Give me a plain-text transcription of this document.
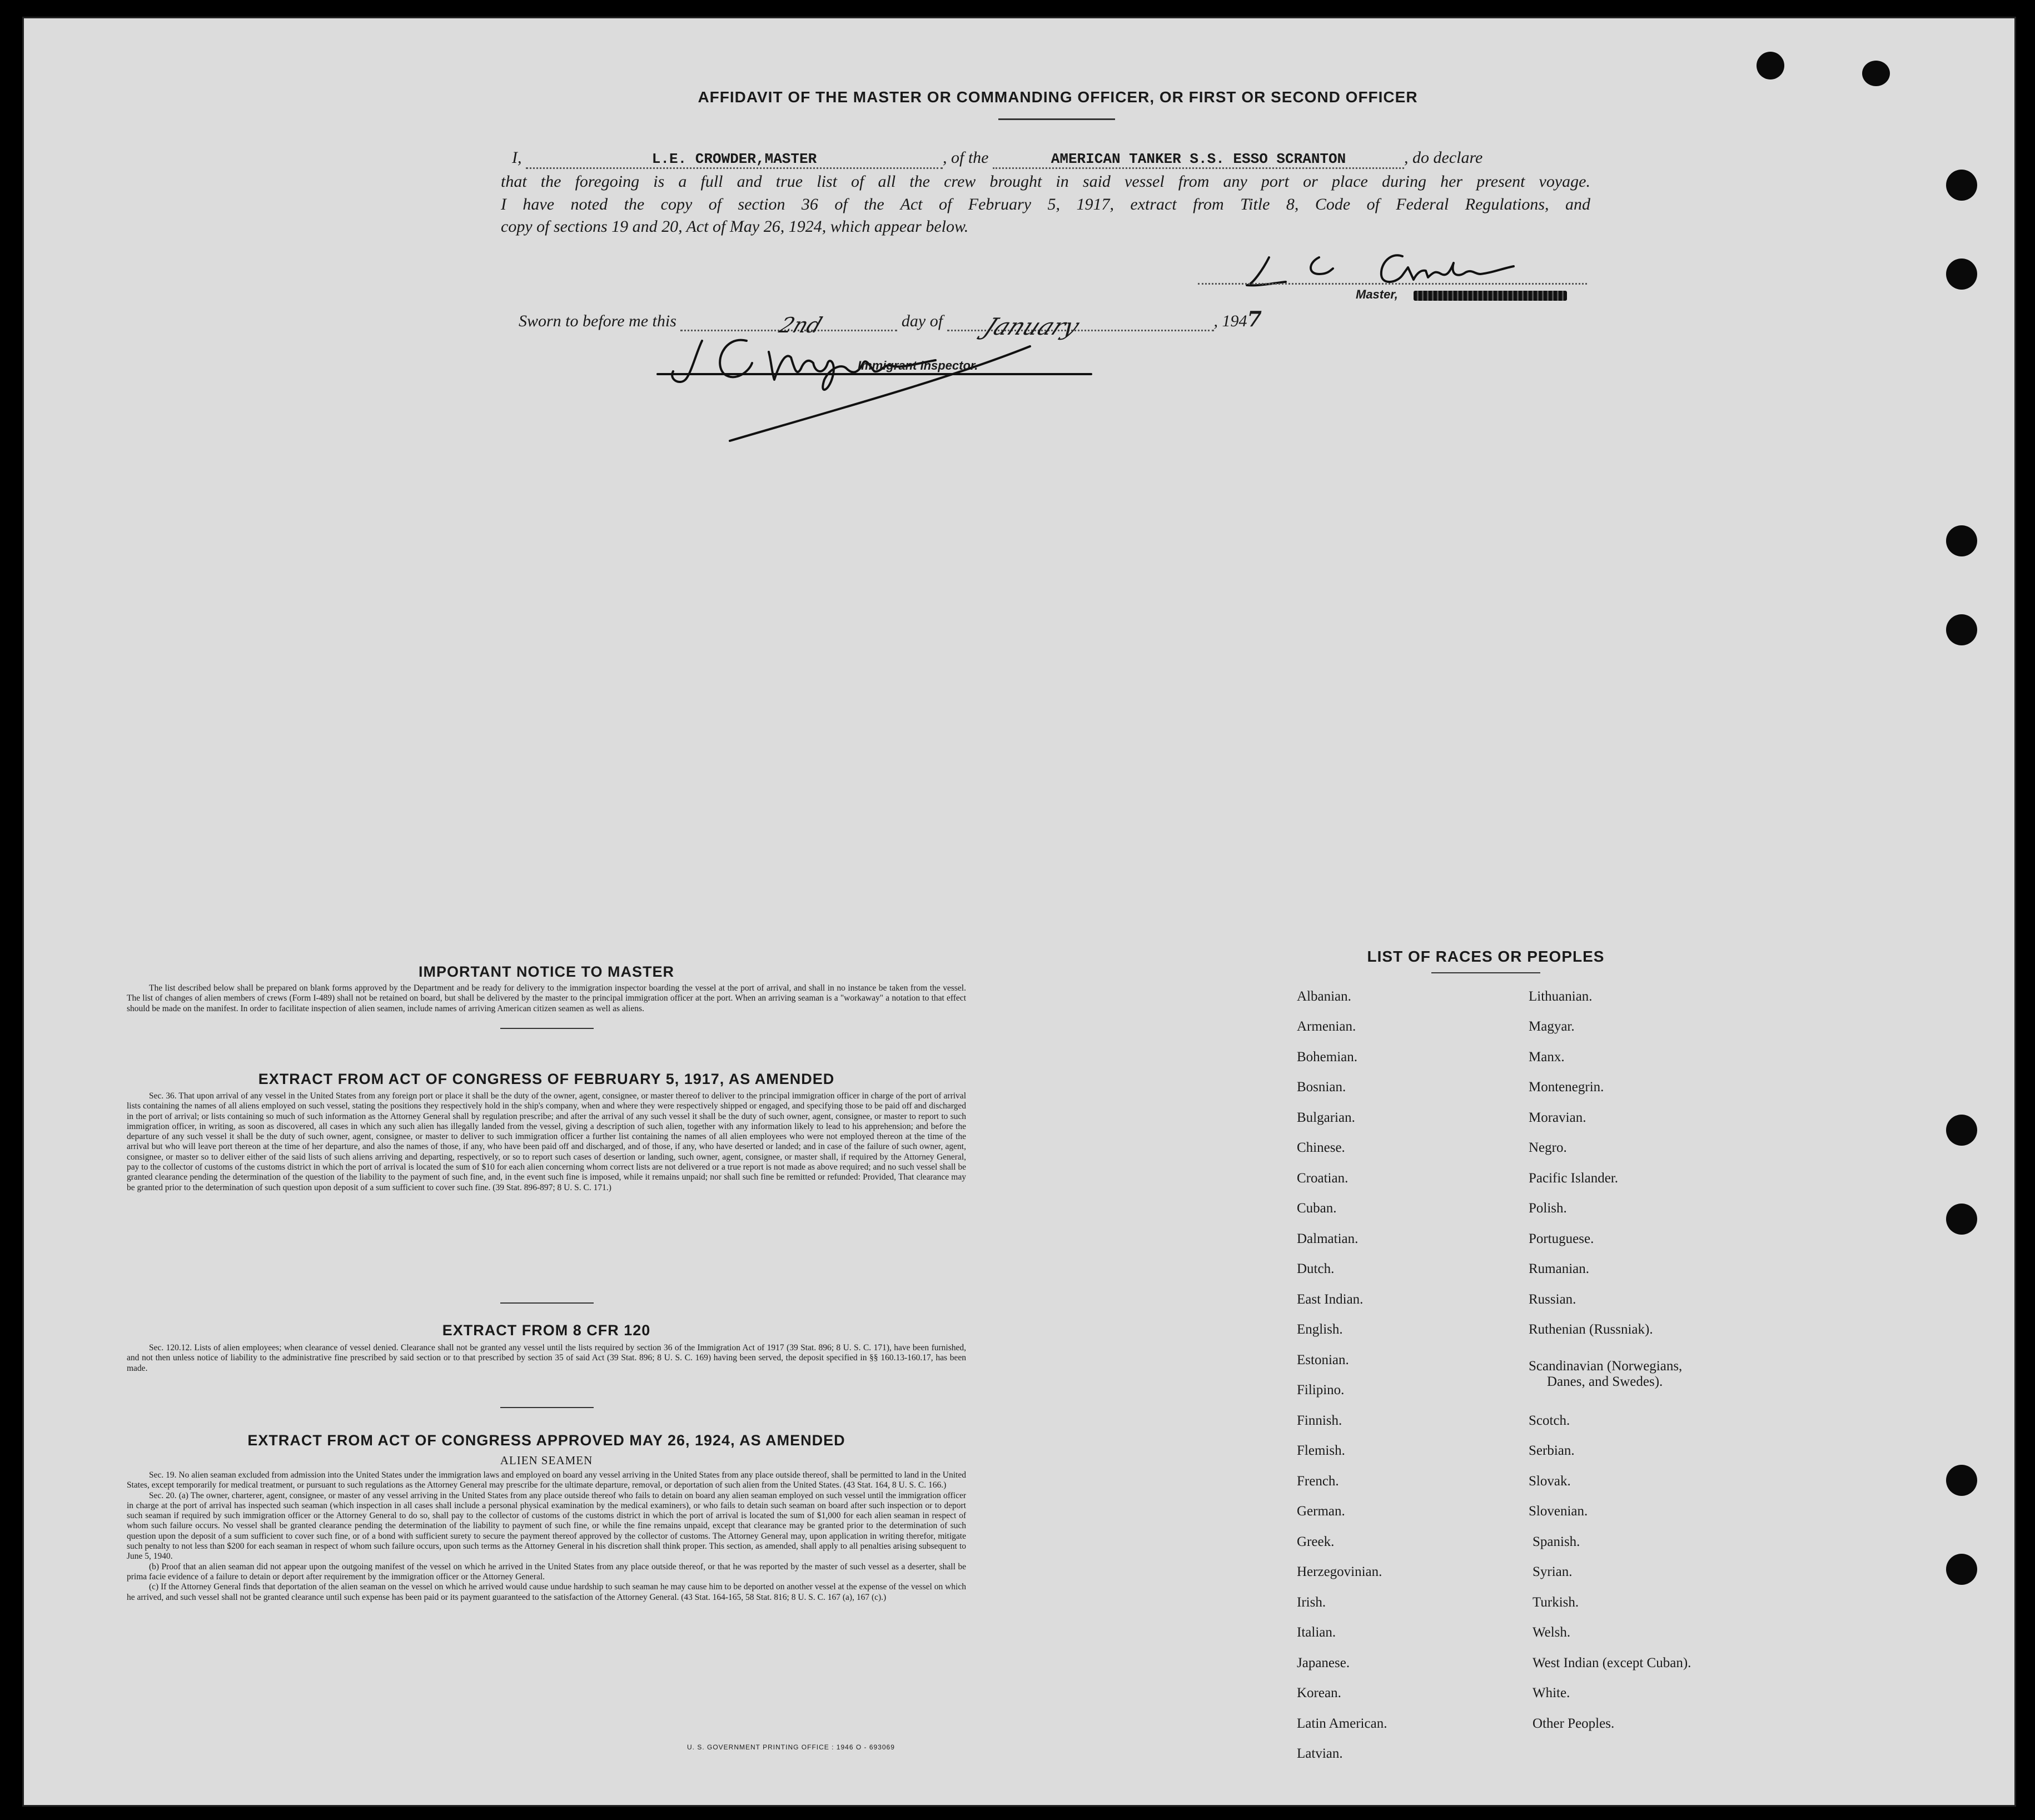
AFFIDAVIT OF THE MASTER OR COMMANDING OFFICER, OR FIRST OR SECOND OFFICER
I,	L.E. CROWDER,MASTER	, of the	AMERICAN TANKER S.S. ESSO SCRANTON	, do declare
that the foregoing is a full and true list of all the crew brought in said vessel from any port or place during her present voyage.
I have noted the copy of section 36 of the Act of February 5, 1917, extract from Title 8, Code of Federal Regulations, and
copy of sections 19 and 20, Act of May 26, 1924, which appear below.
Master,
Sworn to before me this	2nd	day of January	, 1947
Immigrant Inspector.
IMPORTANT NOTICE TO MASTER

The list described below shall be prepared on blank forms approved by the Department and be ready for delivery to the immigration inspector boarding the vessel at the port of arrival, and shall in no instance be taken from the vessel. The list of changes of alien members of crews (Form I-489) shall not be retained on board, but shall be delivered by the master to the principal immigration officer at the port. When an arriving seaman is a "workaway" a notation to that effect should be made on the manifest. In order to facilitate inspection of alien seamen, include names of arriving American citizen seamen as well as aliens.

EXTRACT FROM ACT OF CONGRESS OF FEBRUARY 5, 1917, AS AMENDED

Sec. 36. That upon arrival of any vessel in the United States from any foreign port or place it shall be the duty of the owner, agent, consignee, or master thereof to deliver to the principal immigration officer in charge of the port of arrival lists containing the names of all aliens employed on such vessel, stating the positions they respectively hold in the ship's company, when and where they were respectively shipped or engaged, and specifying those to be paid off and discharged in the port of arrival; or lists containing so much of such information as the Attorney General shall by regulation prescribe; and after the arrival of any such vessel it shall be the duty of such owner, agent, consignee, or master to report to such immigration officer, in writing, as soon as discovered, all cases in which any such alien has illegally landed from the vessel, giving a description of such alien, together with any information likely to lead to his apprehension; and before the departure of any such vessel it shall be the duty of such owner, agent, consignee, or master to deliver to such immigration officer a further list containing the names of all alien employees who were not employed thereon at the time of the arrival but who will leave port thereon at the time of her departure, and also the names of those, if any, who have been paid off and discharged, and of those, if any, who have deserted or landed; and in case of the failure of such owner, agent, consignee, or master so to deliver either of the said lists of such aliens arriving and departing, respectively, or so to report such cases of desertion or landing, such owner, agent, consignee, or master shall, if required by the Attorney General, pay to the collector of customs of the customs district in which the port of arrival is located the sum of $10 for each alien concerning whom correct lists are not delivered or a true report is not made as above required; and no such vessel shall be granted clearance pending the determination of the question of the liability to the payment of such fine, and, in the event such fine is imposed, while it remains unpaid; nor shall such fine be remitted or refunded: Provided, That clearance may be granted prior to the determination of such question upon deposit of a sum sufficient to cover such fine. (39 Stat. 896-897; 8 U. S. C. 171.)

EXTRACT FROM 8 CFR 120

Sec. 120.12. Lists of alien employees; when clearance of vessel denied. Clearance shall not be granted any vessel until the lists required by section 36 of the Immigration Act of 1917 (39 Stat. 896; 8 U. S. C. 171), have been furnished, and not then unless notice of liability to the administrative fine prescribed by said section or to that prescribed by section 35 of said Act (39 Stat. 896; 8 U. S. C. 169) having been served, the deposit specified in §§ 160.13-160.17, has been made.

EXTRACT FROM ACT OF CONGRESS APPROVED MAY 26, 1924, AS AMENDED
ALIEN SEAMEN

Sec. 19. No alien seaman excluded from admission into the United States under the immigration laws and employed on board any vessel arriving in the United States from any place outside thereof, shall be permitted to land in the United States, except temporarily for medical treatment, or pursuant to such regulations as the Attorney General may prescribe for the ultimate departure, removal, or deportation of such alien from the United States. (43 Stat. 164, 8 U. S. C. 166.)

Sec. 20. (a) The owner, charterer, agent, consignee, or master of any vessel arriving in the United States from any place outside thereof who fails to detain on board any alien seaman employed on such vessel until the immigration officer in charge at the port of arrival has inspected such seaman (which inspection in all cases shall include a personal physical examination by the medical examiners), or who fails to detain such seaman on board after such inspection or to deport such seaman if required by such immigration officer or the Attorney General to do so, shall pay to the collector of customs of the customs district in which the port of arrival is located the sum of $1,000 for each alien seaman in respect of whom such failure occurs. No vessel shall be granted clearance pending the determination of the liability to payment of such fine, or while the fine remains unpaid, except that clearance may be granted prior to the determination of such question upon the deposit of a sum sufficient to cover such fine, or of a bond with sufficient surety to secure the payment thereof approved by the collector of customs. The Attorney General may, upon application in writing therefor, mitigate such penalty to not less than $200 for each seaman in respect of whom such failure occurs, upon such terms as the Attorney General in his discretion shall think proper. This section, as amended, shall apply to all penalties arising subsequent to June 5, 1940.

(b) Proof that an alien seaman did not appear upon the outgoing manifest of the vessel on which he arrived in the United States from any place outside thereof, or that he was reported by the master of such vessel as a deserter, shall be prima facie evidence of a failure to detain or deport after requirement by the immigration officer or the Attorney General.

(c) If the Attorney General finds that deportation of the alien seaman on the vessel on which he arrived would cause undue hardship to such seaman he may cause him to be deported on another vessel at the expense of the vessel on which he arrived, and such vessel shall not be granted clearance until such expense has been paid or its payment guaranteed to the satisfaction of the Attorney General. (43 Stat. 164-165, 58 Stat. 816; 8 U. S. C. 167 (a), 167 (c).)

U. S. GOVERNMENT PRINTING OFFICE : 1946 O - 693069
LIST OF RACES OR PEOPLES
Albanian.
Armenian.
Bohemian.
Bosnian.
Bulgarian.
Chinese.
Croatian.
Cuban.
Dalmatian.
Dutch.
East Indian.
English.
Estonian.
Filipino.
Finnish.
Flemish.
French.
German.
Greek.
Herzegovinian.
Irish.
Italian.
Japanese.
Korean.
Latin American.
Latvian.
Lithuanian.
Magyar.
Manx.
Montenegrin.
Moravian.
Negro.
Pacific Islander.
Polish.
Portuguese.
Rumanian.
Russian.
Ruthenian (Russniak).
Scandinavian (Norwegians,
Danes, and Swedes).
Scotch.
Serbian.
Slovak.
Slovenian.
Spanish.
Syrian.
Turkish.
Welsh.
West Indian (except Cuban).
White.
Other Peoples.
